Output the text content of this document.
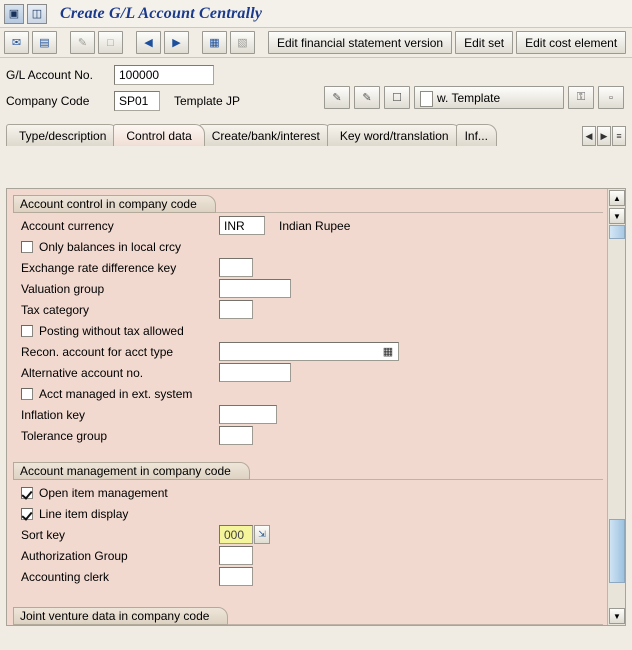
▣	◫ Create G/L Account Centrally
✉	▤	✎	□	◀	▶	▦	▧	Edit financial statement version	Edit set	Edit cost element
G/L Account No.	100000
Company Code	SP01	Template JP	✎	✎	☐	w. Template	⚿	▫
Type/description	Control data	Create/bank/interest	Key word/translation	Inf...	◀ ▶ ≡
Account control in company code
Account currency	INR	Indian Rupee
Only balances in local crcy
Exchange rate difference key
Valuation group
Tax category
Posting without tax allowed
Recon. account for acct type	▦
Alternative account no.
Acct managed in ext. system
Inflation key
Tolerance group
Account management in company code
Open item management
Line item display
Sort key	000	⇲
Authorization Group
Accounting clerk
Joint venture data in company code
▲
▼
▼
